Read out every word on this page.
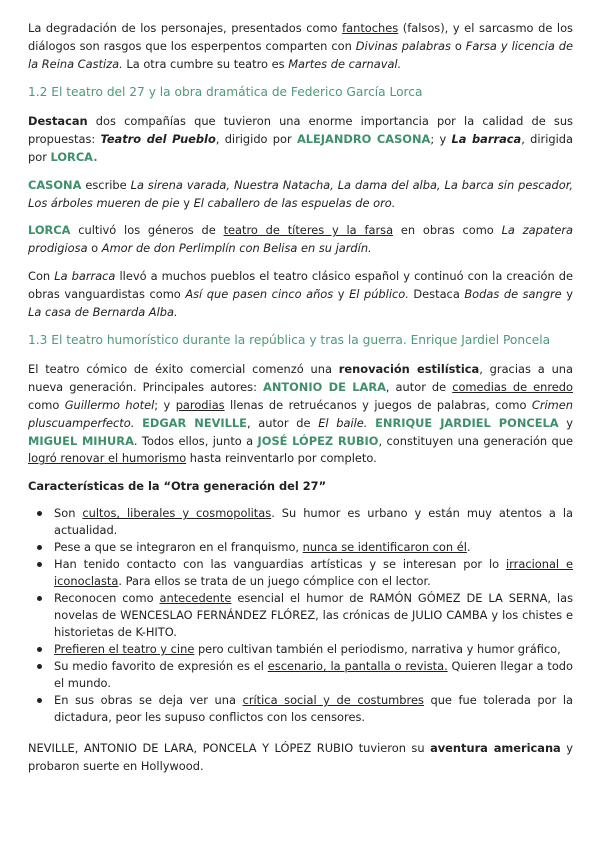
La degradación de los personajes, presentados como fantoches (falsos), y el sarcasmo de los diálogos son rasgos que los esperpentos comparten con Divinas palabras o Farsa y licencia de la Reina Castiza. La otra cumbre su teatro es Martes de carnaval.

1.2 El teatro del 27 y la obra dramática de Federico García Lorca

Destacan dos compañías que tuvieron una enorme importancia por la calidad de sus propuestas: Teatro del Pueblo, dirigido por ALEJANDRO CASONA; y La barraca, dirigida por LORCA.

CASONA escribe La sirena varada, Nuestra Natacha, La dama del alba, La barca sin pescador, Los árboles mueren de pie y El caballero de las espuelas de oro.

LORCA cultivó los géneros de teatro de títeres y la farsa en obras como La zapatera prodigiosa o Amor de don Perlimplín con Belisa en su jardín.

Con La barraca llevó a muchos pueblos el teatro clásico español y continuó con la creación de obras vanguardistas como Así que pasen cinco años y El público. Destaca Bodas de sangre y La casa de Bernarda Alba.

1.3 El teatro humorístico durante la república y tras la guerra. Enrique Jardiel Poncela

El teatro cómico de éxito comercial comenzó una renovación estilística, gracias a una nueva generación. Principales autores: ANTONIO DE LARA, autor de comedias de enredo como Guillermo hotel; y parodias llenas de retruécanos y juegos de palabras, como Crimen pluscuamperfecto. EDGAR NEVILLE, autor de El baile. ENRIQUE JARDIEL PONCELA y MIGUEL MIHURA. Todos ellos, junto a JOSÉ LÓPEZ RUBIO, constituyen una generación que logró renovar el humorismo hasta reinventarlo por completo.

Características de la “Otra generación del 27”
Son cultos, liberales y cosmopolitas. Su humor es urbano y están muy atentos a la actualidad.
Pese a que se integraron en el franquismo, nunca se identificaron con él.
Han tenido contacto con las vanguardias artísticas y se interesan por lo irracional e iconoclasta. Para ellos se trata de un juego cómplice con el lector.
Reconocen como antecedente esencial el humor de RAMÓN GÓMEZ DE LA SERNA, las novelas de WENCESLAO FERNÁNDEZ FLÓREZ, las crónicas de JULIO CAMBA y los chistes e historietas de K-HITO.
Prefieren el teatro y cine pero cultivan también el periodismo, narrativa y humor gráfico,
Su medio favorito de expresión es el escenario, la pantalla o revista. Quieren llegar a todo el mundo.
En sus obras se deja ver una crítica social y de costumbres que fue tolerada por la dictadura, peor les supuso conflictos con los censores.

NEVILLE, ANTONIO DE LARA, PONCELA Y LÓPEZ RUBIO tuvieron su aventura americana y probaron suerte en Hollywood.
